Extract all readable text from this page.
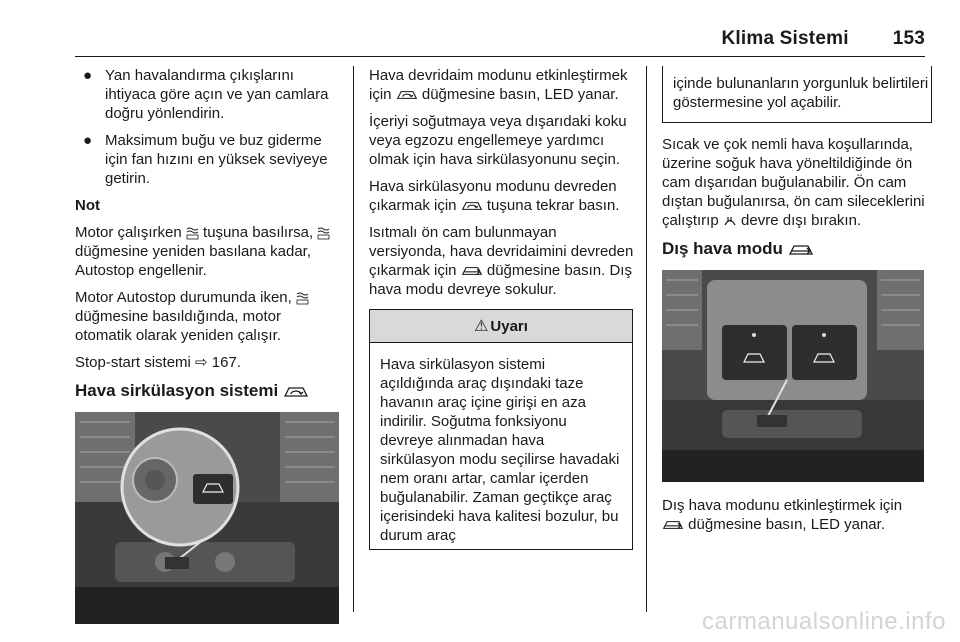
Klima Sistemi 153
● Yan havalandırma çıkışlarını ihtiyaca göre açın ve yan camlara doğru yönlendirin.
● Maksimum buğu ve buz giderme için fan hızını en yüksek seviyeye getirin.

Not

Motor çalışırken tuşuna basılırsa,  düğmesine yeniden basılana kadar, Autostop engellenir.

Motor Autostop durumunda iken,  düğmesine basıldığında, motor otomatik olarak yeniden çalışır.

Stop-start sistemi ⇨ 167.

Hava sirkülasyon sistemi

Hava devridaim modunu etkinleştirmek için düğmesine basın, LED yanar.

İçeriyi soğutmaya veya dışarıdaki koku veya egzozu engellemeye yardımcı olmak için hava sirkülasyonunu seçin.

Hava sirkülasyonu modunu devreden çıkarmak için tuşuna tekrar basın.

Isıtmalı ön cam bulunmayan versiyonda, hava devridaimini devreden çıkarmak için düğmesine basın. Dış hava modu devreye sokulur.

⚠ Uyarı
Hava sirkülasyon sistemi açıldığında araç dışındaki taze havanın araç içine girişi en aza indirilir. Soğutma fonksiyonu devreye alınmadan hava sirkülasyon modu seçilirse havadaki nem oranı artar, camlar içerden buğulanabilir. Zaman geçtikçe araç içerisindeki hava kalitesi bozulur, bu durum araç
içinde bulunanların yorgunluk belirtileri göstermesine yol açabilir.

Sıcak ve çok nemli hava koşullarında, üzerine soğuk hava yöneltildiğinde ön cam dışarıdan buğulanabilir. Ön cam dıştan buğulanırsa, ön cam sileceklerini çalıştırıp devre dışı bırakın.

Dış hava modu

Dış hava modunu etkinleştirmek için  düğmesine basın, LED yanar.

carmanualsonline.info
